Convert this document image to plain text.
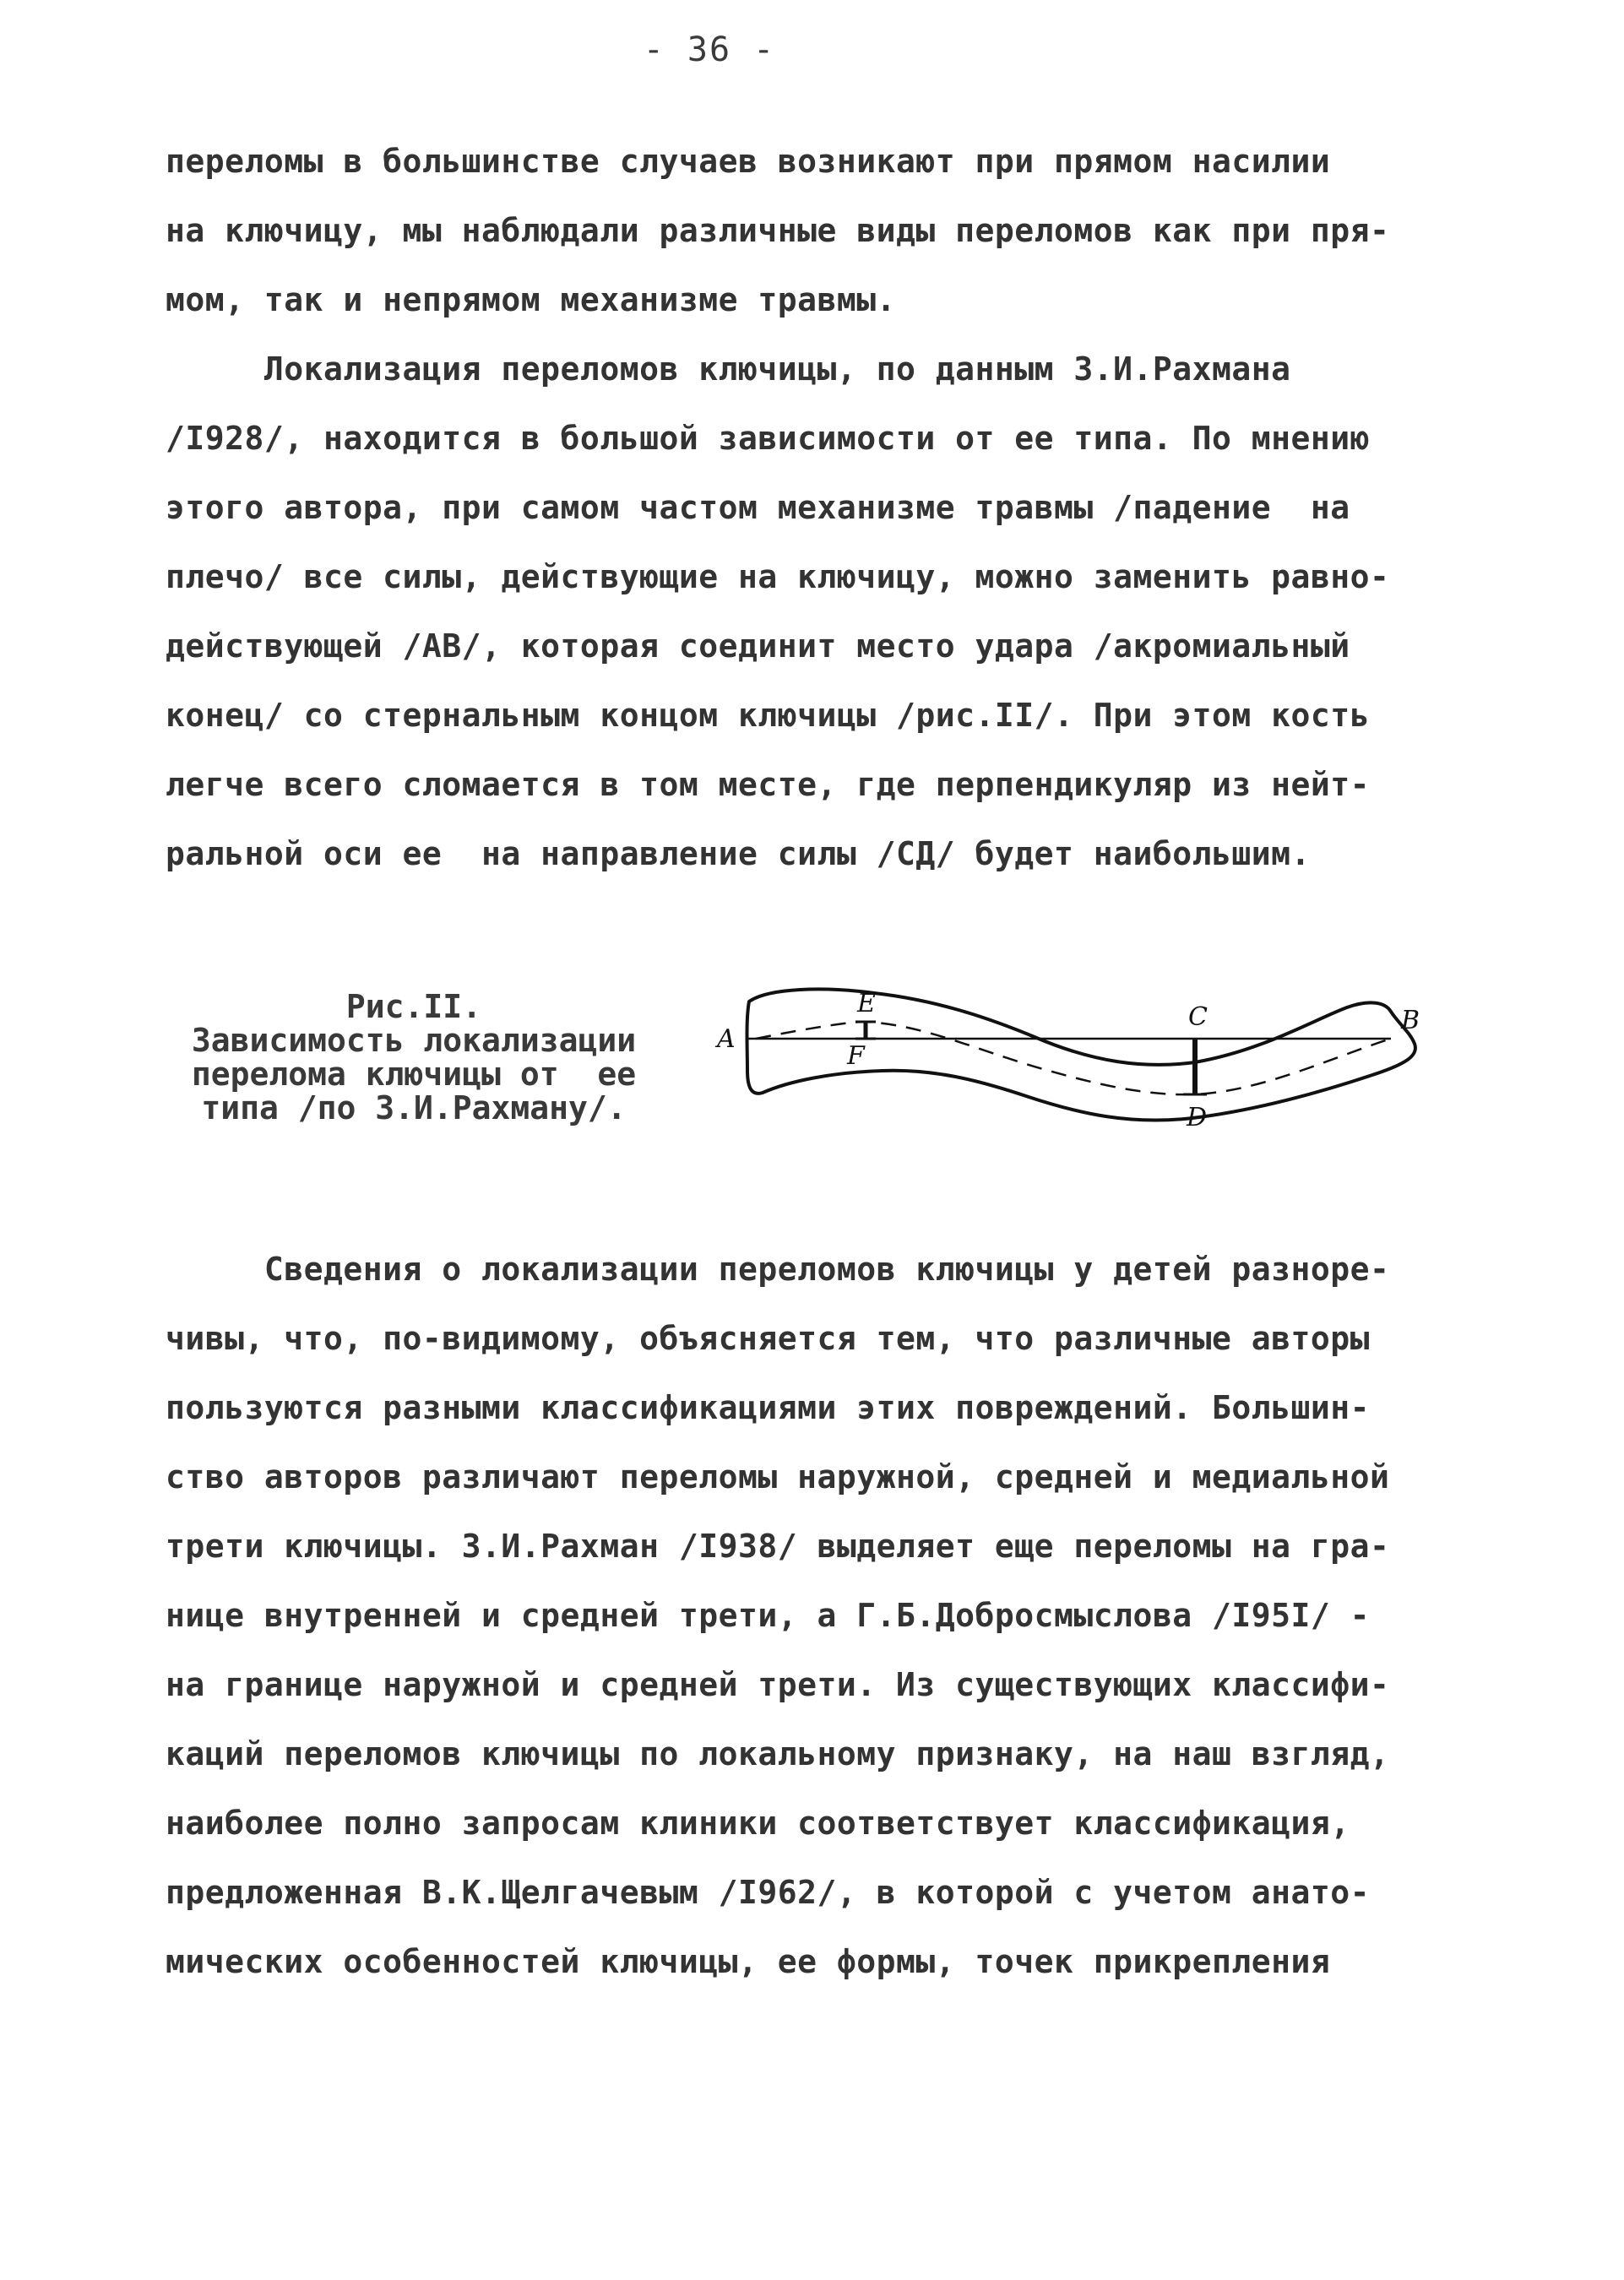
- 36 -
переломы в большинстве случаев возникают при прямом насилии
на ключицу, мы наблюдали различные виды переломов как при пря-
мом, так и непрямом механизме травмы.
Локализация переломов ключицы, по данным З.И.Рахмана
/I928/, находится в большой зависимости от ее типа. По мнению
этого автора, при самом частом механизме травмы /падение  на
плечо/ все силы, действующие на ключицу, можно заменить равно-
действующей /АВ/, которая соединит место удара /акромиальный
конец/ со стернальным концом ключицы /рис.II/. При этом кость
легче всего сломается в том месте, где перпендикуляр из нейт-
ральной оси ее  на направление силы /СД/ будет наибольшим.
Рис.II.
Зависимость локализации
перелома ключицы от  ее
типа /по З.И.Рахману/.
A
E
F
C
D
B
Сведения о локализации переломов ключицы у детей разноре-
чивы, что, по-видимому, объясняется тем, что различные авторы
пользуются разными классификациями этих повреждений. Большин-
ство авторов различают переломы наружной, средней и медиальной
трети ключицы. З.И.Рахман /I938/ выделяет еще переломы на гра-
нице внутренней и средней трети, а Г.Б.Добросмыслова /I95I/ -
на границе наружной и средней трети. Из существующих классифи-
каций переломов ключицы по локальному признаку, на наш взгляд,
наиболее полно запросам клиники соответствует классификация,
предложенная В.К.Щелгачевым /I962/, в которой с учетом анато-
мических особенностей ключицы, ее формы, точек прикрепления
